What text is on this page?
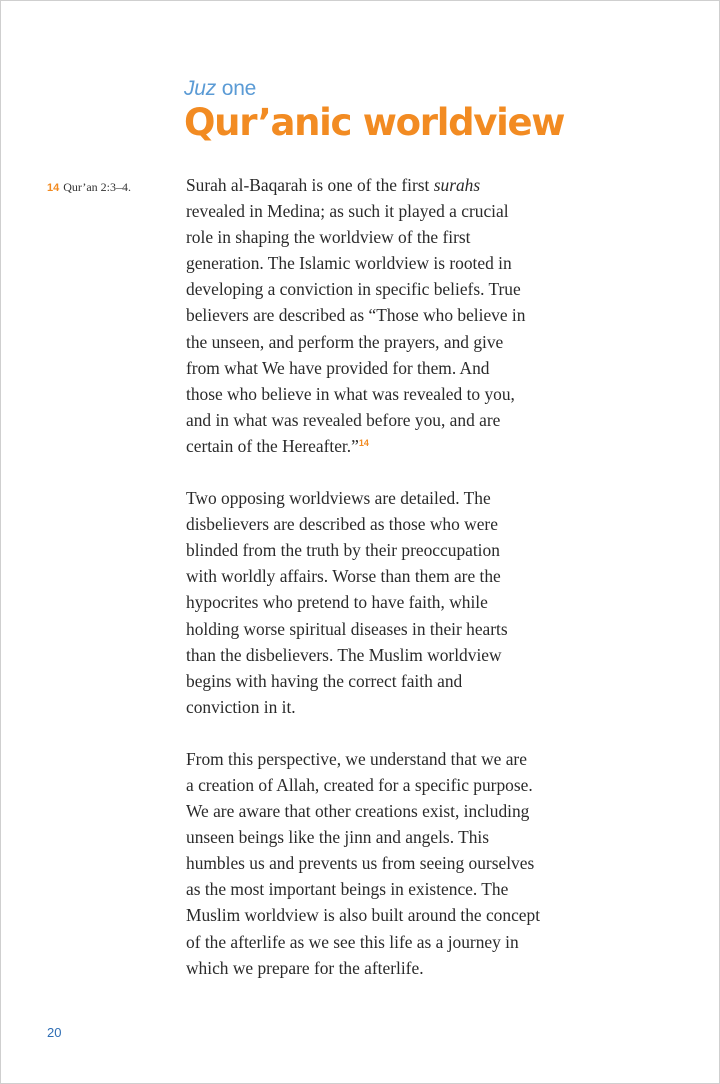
Juz one
Qur’anic worldview
14 Qur’an 2:3–4.	Surah al-Baqarah is one of the first surahs
revealed in Medina; as such it played a crucial
role in shaping the worldview of the first
generation. The Islamic worldview is rooted in
developing a conviction in specific beliefs. True
believers are described as “Those who believe in
the unseen, and perform the prayers, and give
from what We have provided for them. And
those who believe in what was revealed to you,
and in what was revealed before you, and are
certain of the Hereafter.”$^{14}$

Two opposing worldviews are detailed. The
disbelievers are described as those who were
blinded from the truth by their preoccupation
with worldly affairs. Worse than them are the
hypocrites who pretend to have faith, while
holding worse spiritual diseases in their hearts
than the disbelievers. The Muslim worldview
begins with having the correct faith and
conviction in it.

From this perspective, we understand that we are
a creation of Allah, created for a specific purpose.
We are aware that other creations exist, including
unseen beings like the jinn and angels. This
humbles us and prevents us from seeing ourselves
as the most important beings in existence. The
Muslim worldview is also built around the concept
of the afterlife as we see this life as a journey in
which we prepare for the afterlife.

20
